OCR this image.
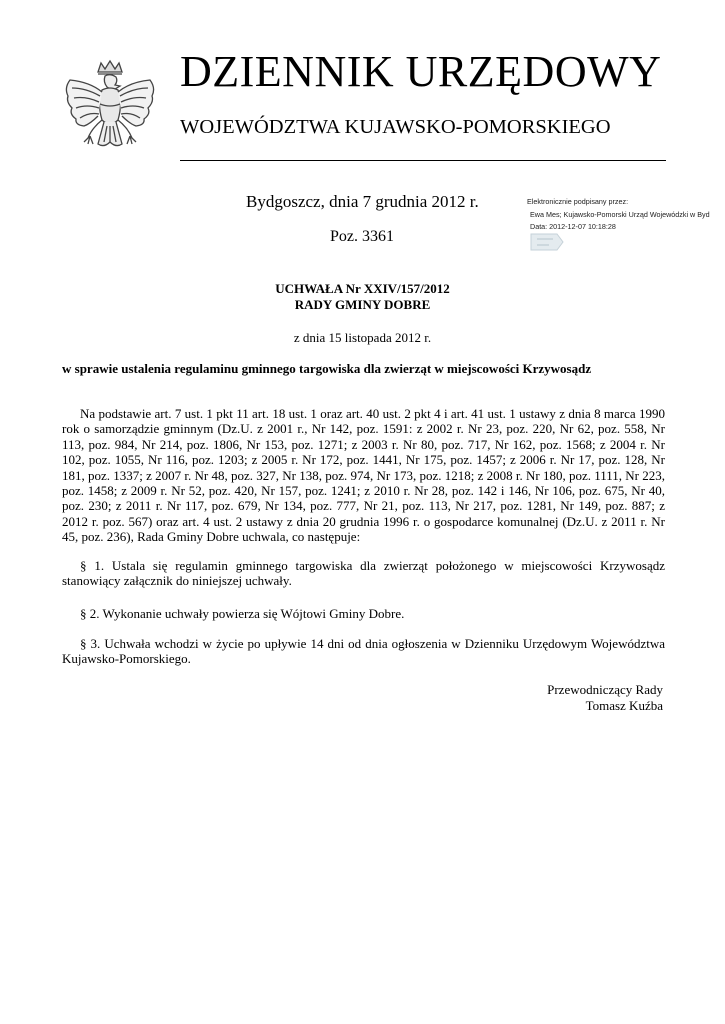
DZIENNIK URZĘDOWY
WOJEWÓDZTWA KUJAWSKO-POMORSKIEGO
Bydgoszcz, dnia 7 grudnia 2012 r.
Poz. 3361
Elektronicznie podpisany przez:
Ewa Mes; Kujawsko-Pomorski Urząd Wojewódzki w Byd
Data: 2012-12-07 10:18:28
UCHWAŁA Nr XXIV/157/2012
RADY GMINY DOBRE
z dnia 15 listopada 2012 r.
w sprawie ustalenia regulaminu gminnego targowiska dla zwierząt w miejscowości Krzywosądz

Na podstawie art. 7 ust. 1 pkt 11 art. 18 ust. 1 oraz art. 40 ust. 2 pkt 4 i art. 41 ust. 1 ustawy z dnia 8 marca 1990 rok o samorządzie gminnym (Dz.U. z 2001 r., Nr 142, poz. 1591: z 2002 r. Nr 23, poz. 220, Nr 62, poz. 558, Nr 113, poz. 984, Nr 214, poz. 1806, Nr 153, poz. 1271; z 2003 r. Nr 80, poz. 717, Nr 162, poz. 1568; z 2004 r. Nr 102, poz. 1055, Nr 116, poz. 1203; z 2005 r. Nr 172, poz. 1441, Nr 175, poz. 1457; z 2006 r. Nr 17, poz. 128, Nr 181, poz. 1337; z 2007 r. Nr 48, poz. 327, Nr 138, poz. 974, Nr 173, poz. 1218; z 2008 r. Nr 180, poz. 1111, Nr 223, poz. 1458; z 2009 r. Nr 52, poz. 420, Nr 157, poz. 1241; z 2010 r. Nr 28, poz. 142 i 146, Nr 106, poz. 675, Nr 40, poz. 230; z 2011 r. Nr 117, poz. 679, Nr 134, poz. 777, Nr 21, poz. 113, Nr 217, poz. 1281, Nr 149, poz. 887; z 2012 r. poz. 567) oraz art. 4 ust. 2 ustawy z dnia 20 grudnia 1996 r. o gospodarce komunalnej (Dz.U. z 2011 r. Nr 45, poz. 236), Rada Gminy Dobre uchwala, co następuje:

§ 1. Ustala się regulamin gminnego targowiska dla zwierząt położonego w miejscowości Krzywosądz stanowiący załącznik do niniejszej uchwały.

§ 2. Wykonanie uchwały powierza się Wójtowi Gminy Dobre.

§ 3. Uchwała wchodzi w życie po upływie 14 dni od dnia ogłoszenia w Dzienniku Urzędowym Województwa Kujawsko-Pomorskiego.

Przewodniczący Rady
Tomasz Kuźba
